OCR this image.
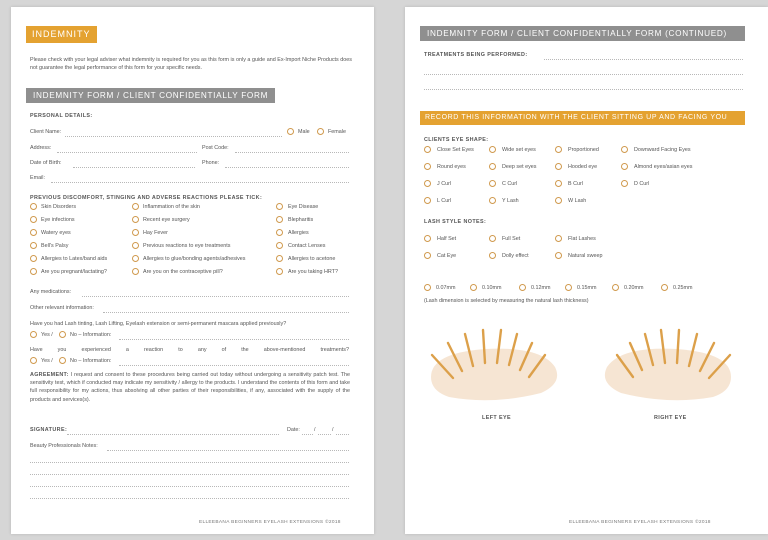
INDEMNITY
Please check with your legal adviser what indemnity is required for you as this form is only a guide and Ex-Import Niche Products does not guarantee the legal performance of this form for your specific needs.
INDEMNITY FORM / CLIENT CONFIDENTIALLY FORM
PERSONAL DETAILS:
Client Name:	Male	Female
Address:	Post Code:
Date of Birth:	Phone:
Email:
PREVIOUS DISCOMFORT, STINGING AND ADVERSE REACTIONS PLEASE TICK:
Skin Disorders	Inflammation of the skin	Eye Disease
Eye infections	Recent eye surgery	Blepharitis
Watery eyes	Hay Fever	Allergies
Bell's Palsy	Previous reactions to eye treatments	Contact Lenses
Allergies to Latex/band aids	Allergies to glue/bonding agents/adhesives	Allergies to acetone
Are you pregnant/lactating?	Are you on the contraceptive pill?	Are you taking HRT?
Any medications:
Other relevant information:
Have you had Lash tinting, Lash Lifting, Eyelash extension or semi-permanent mascara applied previously?
Yes /	No – Information:
Have	you	experienced	a	reaction	to	any	of	the	above-mentioned	treatments?
Yes /	No – Information:
AGREEMENT: I request and consent to these procedures being carried out today without undergoing a sensitivity patch test. The sensitivity test, which if conducted may indicate my sensitivity / allergy to the products. I understand the contents of this form and take full responsibility for my actions, thus absolving all other parties of their responsibilities, if any, associated with the supply of the products and services(s).
SIGNATURE:	Date:	/	/
Beauty Professionals Notes:
ELLEEBANA BEGINNERS EYELASH EXTENSIONS ©2018
INDEMNITY FORM / CLIENT CONFIDENTIALLY FORM (CONTINUED)
TREATMENTS BEING PERFORMED:
RECORD THIS INFORMATION WITH THE CLIENT SITTING UP AND FACING YOU
CLIENTS EYE SHAPE:
Close Set Eyes	Wide set eyes	Proportioned	Downward Facing Eyes
Round eyes	Deep set eyes	Hooded eye	Almond eyes/asian eyes
J Curl	C Curl	B Curl	D Curl
L Curl	Y Lash	W Lash
LASH STYLE NOTES:
Half Set	Full Set	Flat Lashes
Cat Eye	Dolly effect	Natural sweep
0.07mm	0.10mm	0.12mm	0.15mm	0.20mm	0.25mm
(Lash dimension is selected by measuring the natural lash thickness)
LEFT EYE	RIGHT EYE
ELLEEBANA BEGINNERS EYELASH EXTENSIONS ©2018
